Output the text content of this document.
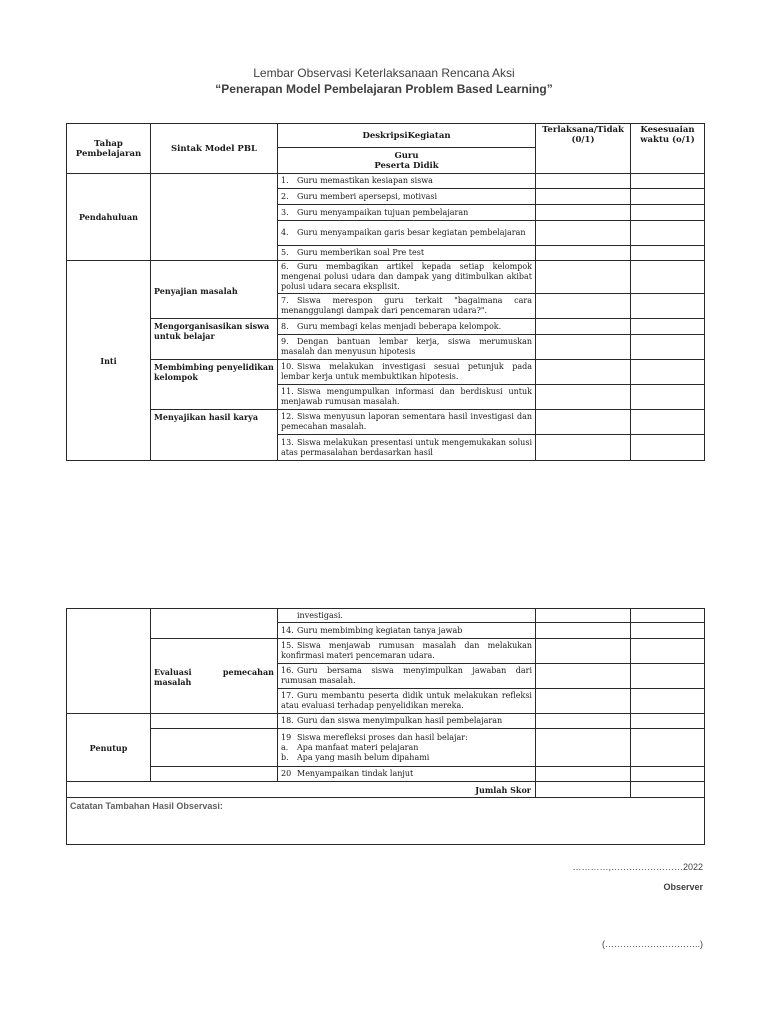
Lembar Observasi Keterlaksanaan Rencana Aksi
“Penerapan Model Pembelajaran Problem Based Learning”
Tahap Pembelajaran	Sintak Model PBL	DeskripsiKegiatan	Terlaksana/Tidak (0/1)	Kesesuaian waktu (o/1)

		Guru
Peserta Didik		

Pendahuluan		1. Guru memastikan kesiapan siswa		
		2. Guru memberi apersepsi, motivasi		
		3. Guru menyampaikan tujuan pembelajaran		
		4. Guru menyampaikan garis besar kegiatan pembelajaran		
		5. Guru memberikan soal Pre test		
Inti	Penyajian masalah	6. Guru membagikan artikel kepada setiap kelompok mengenai polusi udara dan dampak yang ditimbulkan akibat polusi udara secara eksplisit.		
		7. Siswa merespon guru terkait "bagaimana cara menanggulangi dampak dari pencemaran udara?".		
	Mengorganisasikan siswa untuk belajar	8. Guru membagi kelas menjadi beberapa kelompok.		
		9. Dengan bantuan lembar kerja, siswa merumuskan masalah dan menyusun hipotesis		
	Membimbing penyelidikan kelompok	10. Siswa melakukan investigasi sesuai petunjuk pada lembar kerja untuk membuktikan hipotesis.		
		11. Siswa mengumpulkan informasi dan berdiskusi untuk menjawab rumusan masalah.		
	Menyajikan hasil karya	12. Siswa menyusun laporan sementara hasil investigasi dan pemecahan masalah.		
		13. Siswa melakukan presentasi untuk mengemukakan solusi atas permasalahan berdasarkan hasil		
		investigasi.		
		14. Guru membimbing kegiatan tanya jawab		
	Evaluasi pemecahan masalah	15. Siswa menjawab rumusan masalah dan melakukan konfirmasi materi pencemaran udara.		
		16. Guru bersama siswa menyimpulkan jawaban dari rumusan masalah.		
		17. Guru membantu peserta didik untuk melakukan refleksi atau evaluasi terhadap penyelidikan mereka.		
Penutup		18. Guru dan siswa menyimpulkan hasil pembelajaran		

		19 Siswa merefleksi proses dan hasil belajar:
a. Apa manfaat materi pelajaran
b. Apa yang masih belum dipahami		

		20 Menyampaikan tindak lanjut		
Jumlah Skor				
Catatan Tambahan Hasil Observasi:				
…………,……………………2022
Observer
(…………………………..)
